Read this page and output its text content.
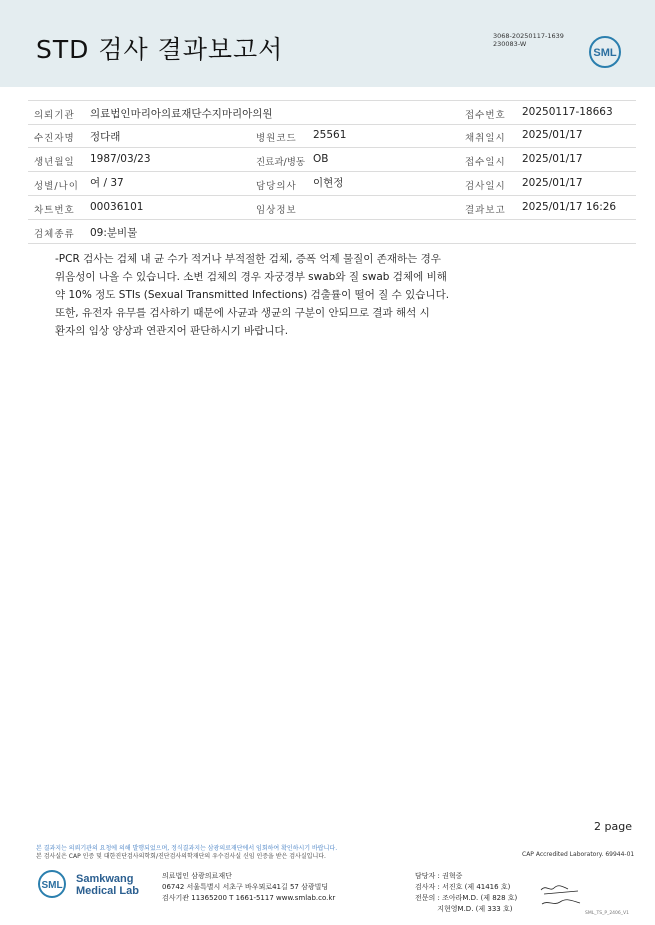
STD 검사 결과보고서	3068-20250117-1639
230083-W
SML
의뢰기관 의료법인마리아의료재단수지마리아의원	접수번호 20250117-18663
수진자명 정다래	병원코드 25561	채취일시 2025/01/17
생년월일 1987/03/23	진료과/병동 OB	접수일시 2025/01/17
성별/나이 여 / 37	담당의사 이현정	검사일시 2025/01/17
차트번호 00036101	임상정보	결과보고 2025/01/17 16:26
검체종류 09:분비물
-PCR 검사는 검체 내 균 수가 적거나 부적절한 검체, 증폭 억제 물질이 존재하는 경우
위음성이 나올 수 있습니다. 소변 검체의 경우 자궁경부 swab와 질 swab 검체에 비해
약 10% 정도 STIs (Sexual Transmitted Infections) 검출률이 떨어 질 수 있습니다.
또한, 유전자 유무를 검사하기 때문에 사균과 생균의 구분이 안되므로 결과 해석 시
환자의 임상 양상과 연관지어 판단하시기 바랍니다.
2 page
본 결과지는 의뢰기관의 요청에 의해 발행되었으며, 정식결과지는 삼광의료재단에서 임회하여 확인하시기 바랍니다.
본 검사실은 CAP 인증 및 대한진단검사의학회/진단검사의학재단의 우수검사실 신임 인증을 받은 검사실입니다.	CAP Accredited Laboratory. 69944-01
SML
Samkwang
Medical Lab
의료법인 삼광의료재단
06742 서울특별시 서초구 바우뫼로41길 57 삼광빌딩
검사기관 11365200 T 1661-5117 www.smlab.co.kr
담당자 : 권혁중
검사자 : 서진호 (제 41416 호)
전문의 : 조아라M.D. (제 828 호)
지현영M.D. (제 333 호)
SML_TS_P_2406_V1
